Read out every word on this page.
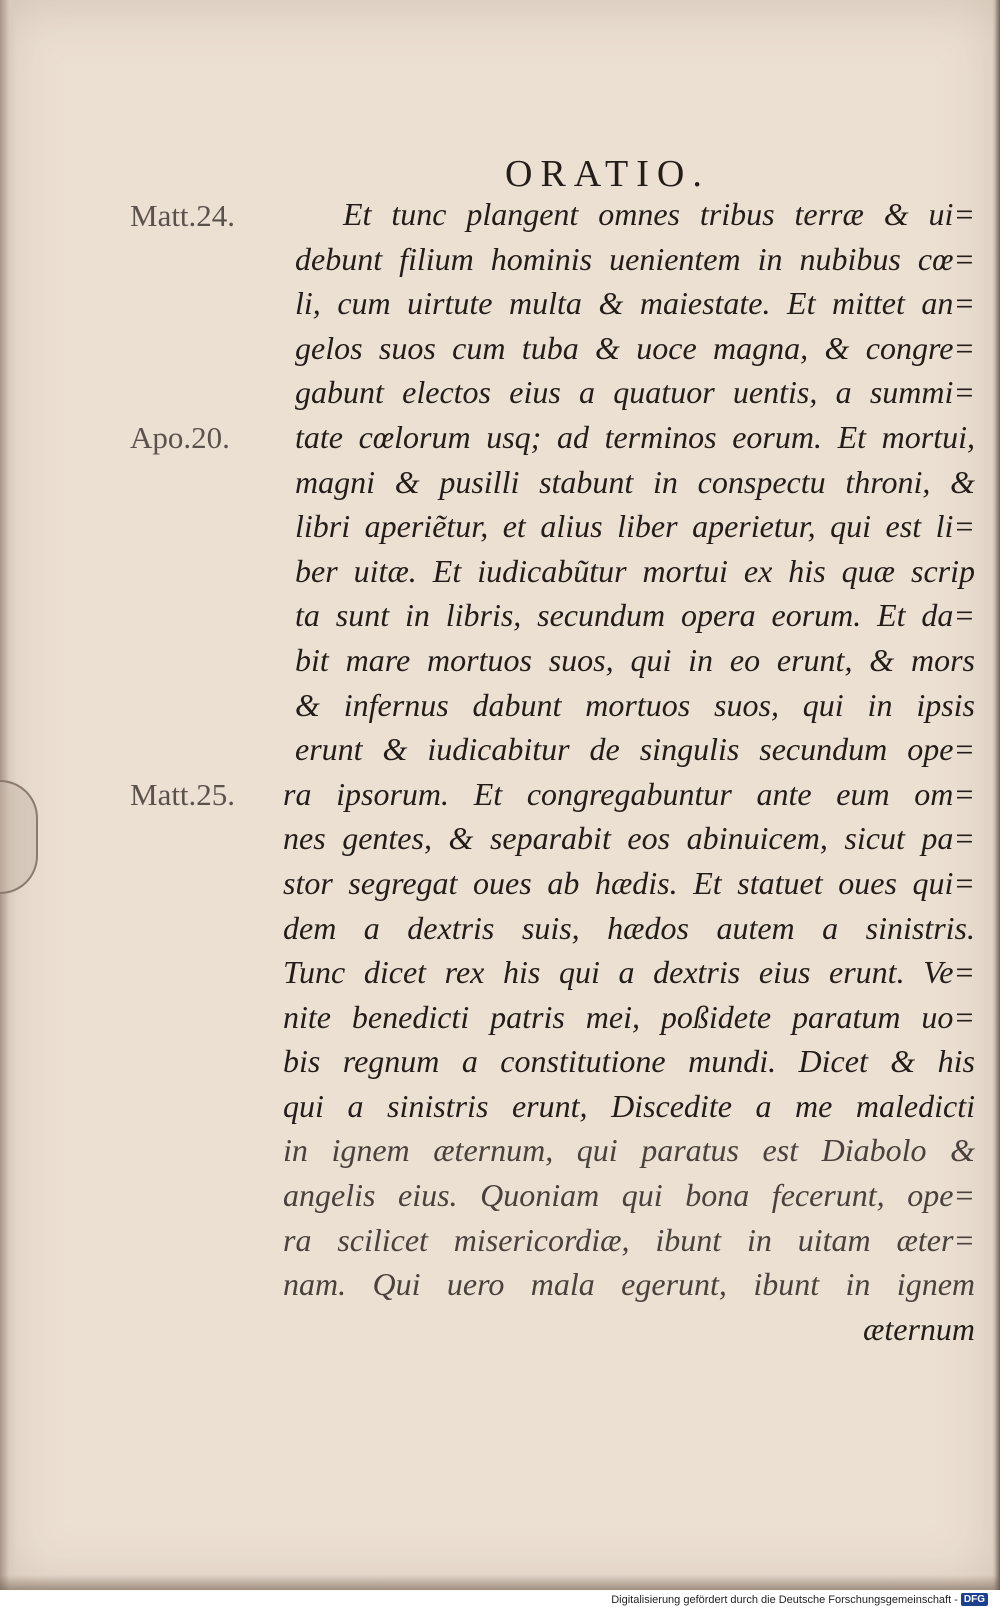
ORATIO.
Matt.24.
Apo.20.
Matt.25.
Et tunc plangent omnes tribus terræ & ui=
debunt filium hominis uenientem in nubibus cœ=
li, cum uirtute multa & maiestate. Et mittet an=
gelos suos cum tuba & uoce magna, & congre=
gabunt electos eius a quatuor uentis, a summi=
tate cœlorum usq; ad terminos eorum. Et mortui,
magni & pusilli stabunt in conspectu throni, &
libri aperiẽtur, et alius liber aperietur, qui est li=
ber uitæ. Et iudicabũtur mortui ex his quæ scrip
ta sunt in libris, secundum opera eorum. Et da=
bit mare mortuos suos, qui in eo erunt, & mors
& infernus dabunt mortuos suos, qui in ipsis
erunt & iudicabitur de singulis secundum ope=
ra ipsorum. Et congregabuntur ante eum om=
nes gentes, & separabit eos abinuicem, sicut pa=
stor segregat oues ab hædis. Et statuet oues qui=
dem a dextris suis, hædos autem a sinistris.
Tunc dicet rex his qui a dextris eius erunt. Ve=
nite benedicti patris mei, poßidete paratum uo=
bis regnum a constitutione mundi. Dicet & his
qui a sinistris erunt, Discedite a me maledicti
in ignem æternum, qui paratus est Diabolo &
angelis eius. Quoniam qui bona fecerunt, ope=
ra scilicet misericordiæ, ibunt in uitam æter=
nam. Qui uero mala egerunt, ibunt in ignem
æternum
Digitalisierung gefördert durch die Deutsche Forschungsgemeinschaft - DFG
